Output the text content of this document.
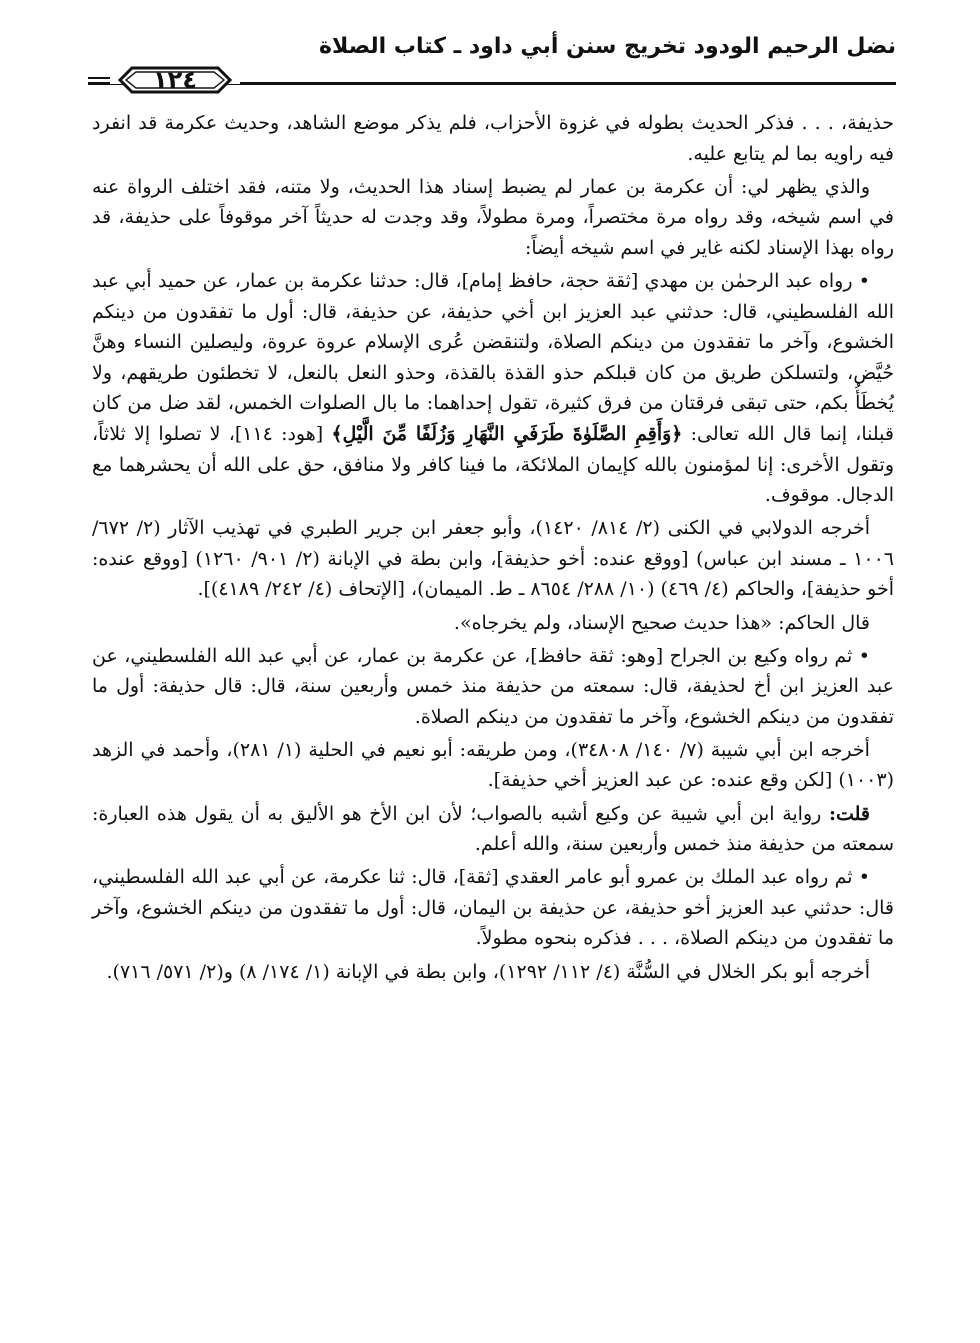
نضل الرحيم الودود تخريج سنن أبي داود ـ كتاب الصلاة
١٢٤

حذيفة، . . . فذكر الحديث بطوله في غزوة الأحزاب، فلم يذكر موضع الشاهد، وحديث عكرمة قد انفرد فيه راويه بما لم يتابع عليه.

والذي يظهر لي: أن عكرمة بن عمار لم يضبط إسناد هذا الحديث، ولا متنه، فقد اختلف الرواة عنه في اسم شيخه، وقد رواه مرة مختصراً، ومرة مطولاً، وقد وجدت له حديثاً آخر موقوفاً على حذيفة، قد رواه بهذا الإسناد لكنه غاير في اسم شيخه أيضاً:

• رواه عبد الرحمٰن بن مهدي [ثقة حجة، حافظ إمام]، قال: حدثنا عكرمة بن عمار، عن حميد أبي عبد الله الفلسطيني، قال: حدثني عبد العزيز ابن أخي حذيفة، عن حذيفة، قال: أول ما تفقدون من دينكم الخشوع، وآخر ما تفقدون من دينكم الصلاة، ولتنقضن عُرى الإسلام عروة عروة، وليصلين النساء وهنَّ حُيَّض، ولتسلكن طريق من كان قبلكم حذو القذة بالقذة، وحذو النعل بالنعل، لا تخطئون طريقهم، ولا يُخطَأُ بكم، حتى تبقى فرقتان من فرق كثيرة، تقول إحداهما: ما بال الصلوات الخمس، لقد ضل من كان قبلنا، إنما قال الله تعالى: ﴿وَأَقِمِ الصَّلَوٰةَ طَرَفَيِ النَّهَارِ وَزُلَفًا مِّنَ الَّيْلِ﴾ [هود: ١١٤]، لا تصلوا إلا ثلاثاً، وتقول الأخرى: إنا لمؤمنون بالله كإيمان الملائكة، ما فينا كافر ولا منافق، حق على الله أن يحشرهما مع الدجال. موقوف.

أخرجه الدولابي في الكنى (٢/ ٨١٤/ ١٤٢٠)، وأبو جعفر ابن جرير الطبري في تهذيب الآثار (٢/ ٦٧٢/ ١٠٠٦ ـ مسند ابن عباس) [ووقع عنده: أخو حذيفة]، وابن بطة في الإبانة (٢/ ٩٠١/ ١٢٦٠) [ووقع عنده: أخو حذيفة]، والحاكم (٤/ ٤٦٩) (١٠/ ٢٨٨/ ٨٦٥٤ ـ ط. الميمان)، [الإتحاف (٤/ ٢٤٢/ ٤١٨٩)].

قال الحاكم: «هذا حديث صحيح الإسناد، ولم يخرجاه».

• ثم رواه وكيع بن الجراح [وهو: ثقة حافظ]، عن عكرمة بن عمار، عن أبي عبد الله الفلسطيني، عن عبد العزيز ابن أخ لحذيفة، قال: سمعته من حذيفة منذ خمس وأربعين سنة، قال: قال حذيفة: أول ما تفقدون من دينكم الخشوع، وآخر ما تفقدون من دينكم الصلاة.

أخرجه ابن أبي شيبة (٧/ ١٤٠/ ٣٤٨٠٨)، ومن طريقه: أبو نعيم في الحلية (١/ ٢٨١)، وأحمد في الزهد (١٠٠٣) [لكن وقع عنده: عن عبد العزيز أخي حذيفة].

قلت: رواية ابن أبي شيبة عن وكيع أشبه بالصواب؛ لأن ابن الأخ هو الأليق به أن يقول هذه العبارة: سمعته من حذيفة منذ خمس وأربعين سنة، والله أعلم.

• ثم رواه عبد الملك بن عمرو أبو عامر العقدي [ثقة]، قال: ثنا عكرمة، عن أبي عبد الله الفلسطيني، قال: حدثني عبد العزيز أخو حذيفة، عن حذيفة بن اليمان، قال: أول ما تفقدون من دينكم الخشوع، وآخر ما تفقدون من دينكم الصلاة، . . . فذكره بنحوه مطولاً.

أخرجه أبو بكر الخلال في السُّنَّة (٤/ ١١٢/ ١٢٩٢)، وابن بطة في الإبانة (١/ ١٧٤/ ٨) و(٢/ ٥٧١/ ٧١٦).
